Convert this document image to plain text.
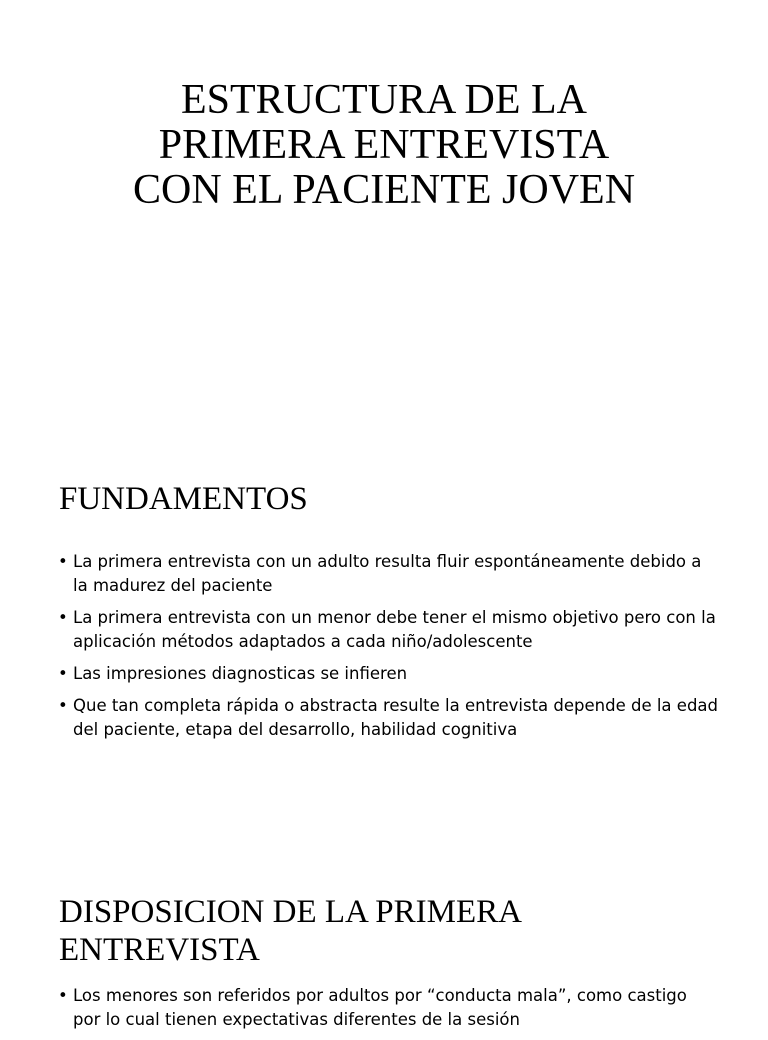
ESTRUCTURA DE LA
PRIMERA ENTREVISTA
CON EL PACIENTE JOVEN
FUNDAMENTOS
• La primera entrevista con un adulto resulta fluir espontáneamente debido a la madurez del paciente
• La primera entrevista con un menor debe tener el mismo objetivo pero con la aplicación métodos adaptados a cada niño/adolescente
• Las impresiones diagnosticas se infieren
• Que tan completa rápida o abstracta resulte la entrevista depende de la edad del paciente, etapa del desarrollo, habilidad cognitiva
DISPOSICION DE LA PRIMERA
ENTREVISTA
• Los menores son referidos por adultos por “conducta mala”, como castigo por lo cual tienen expectativas diferentes de la sesión
